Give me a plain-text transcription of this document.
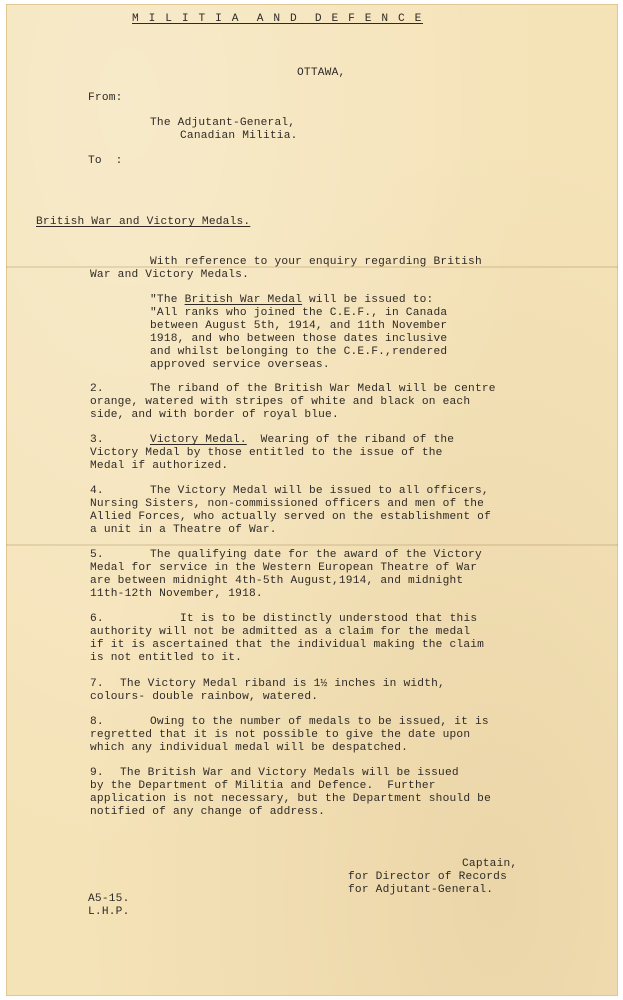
M I L I T I A  A N D  D E F E N C E
OTTAWA,
From:
The Adjutant-General,
Canadian Militia.
To  :
British War and Victory Medals.
With reference to your enquiry regarding British
War and Victory Medals.
"The British War Medal will be issued to:
"All ranks who joined the C.E.F., in Canada
between August 5th, 1914, and 11th November
1918, and who between those dates inclusive
and whilst belonging to the C.E.F.,rendered
approved service overseas.
2.	The riband of the British War Medal will be centre
orange, watered with stripes of white and black on each
side, and with border of royal blue.
3.	Victory Medal.  Wearing of the riband of the
Victory Medal by those entitled to the issue of the
Medal if authorized.
4.	The Victory Medal will be issued to all officers,
Nursing Sisters, non-commissioned officers and men of the
Allied Forces, who actually served on the establishment of
a unit in a Theatre of War.
5.	The qualifying date for the award of the Victory
Medal for service in the Western European Theatre of War
are between midnight 4th-5th August,1914, and midnight
11th-12th November, 1918.
6.	It is to be distinctly understood that this
authority will not be admitted as a claim for the medal
if it is ascertained that the individual making the claim
is not entitled to it.
7. The Victory Medal riband is 1½ inches in width,
colours- double rainbow, watered.
8.	Owing to the number of medals to be issued, it is
regretted that it is not possible to give the date upon
which any individual medal will be despatched.
9. The British War and Victory Medals will be issued
by the Department of Militia and Defence.  Further
application is not necessary, but the Department should be
notified of any change of address.
Captain,
for Director of Records
for Adjutant-General.
A5-15.
L.H.P.
